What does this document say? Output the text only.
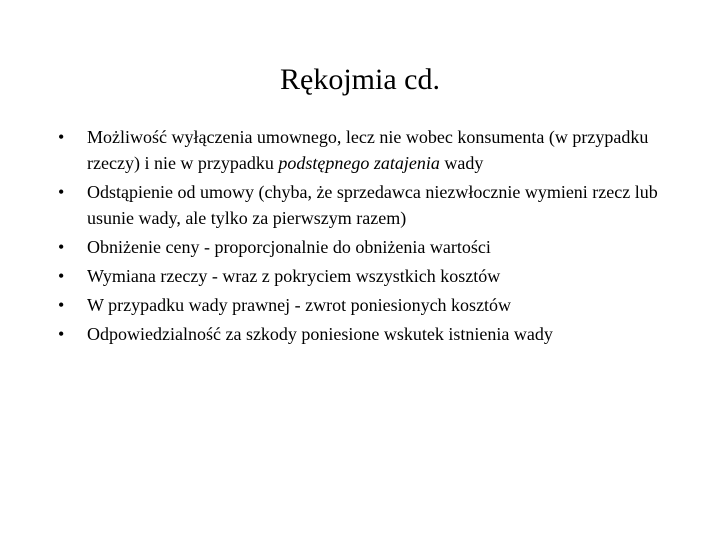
Rękojmia cd.
•	Możliwość wyłączenia umownego, lecz nie wobec konsumenta (w przypadku rzeczy) i nie w przypadku podstępnego zatajenia wady
•	Odstąpienie od umowy (chyba, że sprzedawca niezwłocznie wymieni rzecz lub usunie wady, ale tylko za pierwszym razem)
•	Obniżenie ceny - proporcjonalnie do obniżenia wartości
•	Wymiana rzeczy - wraz z pokryciem wszystkich kosztów
•	W przypadku wady prawnej - zwrot poniesionych kosztów
•	Odpowiedzialność za szkody poniesione wskutek istnienia wady
